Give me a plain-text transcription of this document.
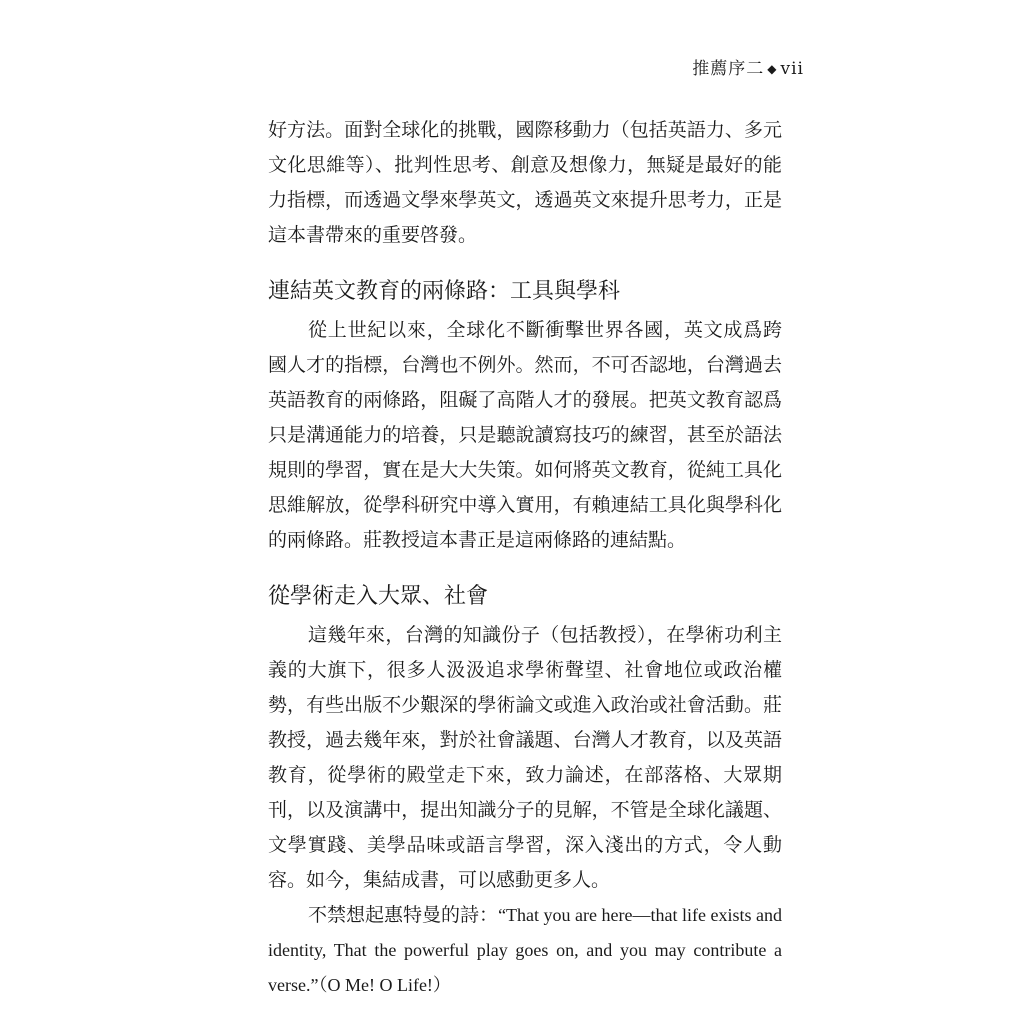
推薦序二 ◆ vii

好方法。面對全球化的挑戰，國際移動力（包括英語力、多元文化思維等）、批判性思考、創意及想像力，無疑是最好的能力指標，而透過文學來學英文，透過英文來提升思考力，正是這本書帶來的重要啓發。

連結英文教育的兩條路：工具與學科

從上世紀以來，全球化不斷衝擊世界各國，英文成爲跨國人才的指標，台灣也不例外。然而，不可否認地，台灣過去英語教育的兩條路，阻礙了高階人才的發展。把英文教育認爲只是溝通能力的培養，只是聽說讀寫技巧的練習，甚至於語法規則的學習，實在是大大失策。如何將英文教育，從純工具化思維解放，從學科研究中導入實用，有賴連結工具化與學科化的兩條路。莊教授這本書正是這兩條路的連結點。

從學術走入大眾、社會

這幾年來，台灣的知識份子（包括教授），在學術功利主義的大旗下，很多人汲汲追求學術聲望、社會地位或政治權勢，有些出版不少艱深的學術論文或進入政治或社會活動。莊教授，過去幾年來，對於社會議題、台灣人才教育，以及英語教育，從學術的殿堂走下來，致力論述，在部落格、大眾期刊，以及演講中，提出知識分子的見解，不管是全球化議題、文學實踐、美學品味或語言學習，深入淺出的方式，令人動容。如今，集結成書，可以感動更多人。

不禁想起惠特曼的詩：“That you are here—that life exists and identity, That the powerful play goes on, and you may contribute a verse.”（O Me! O Life!）
